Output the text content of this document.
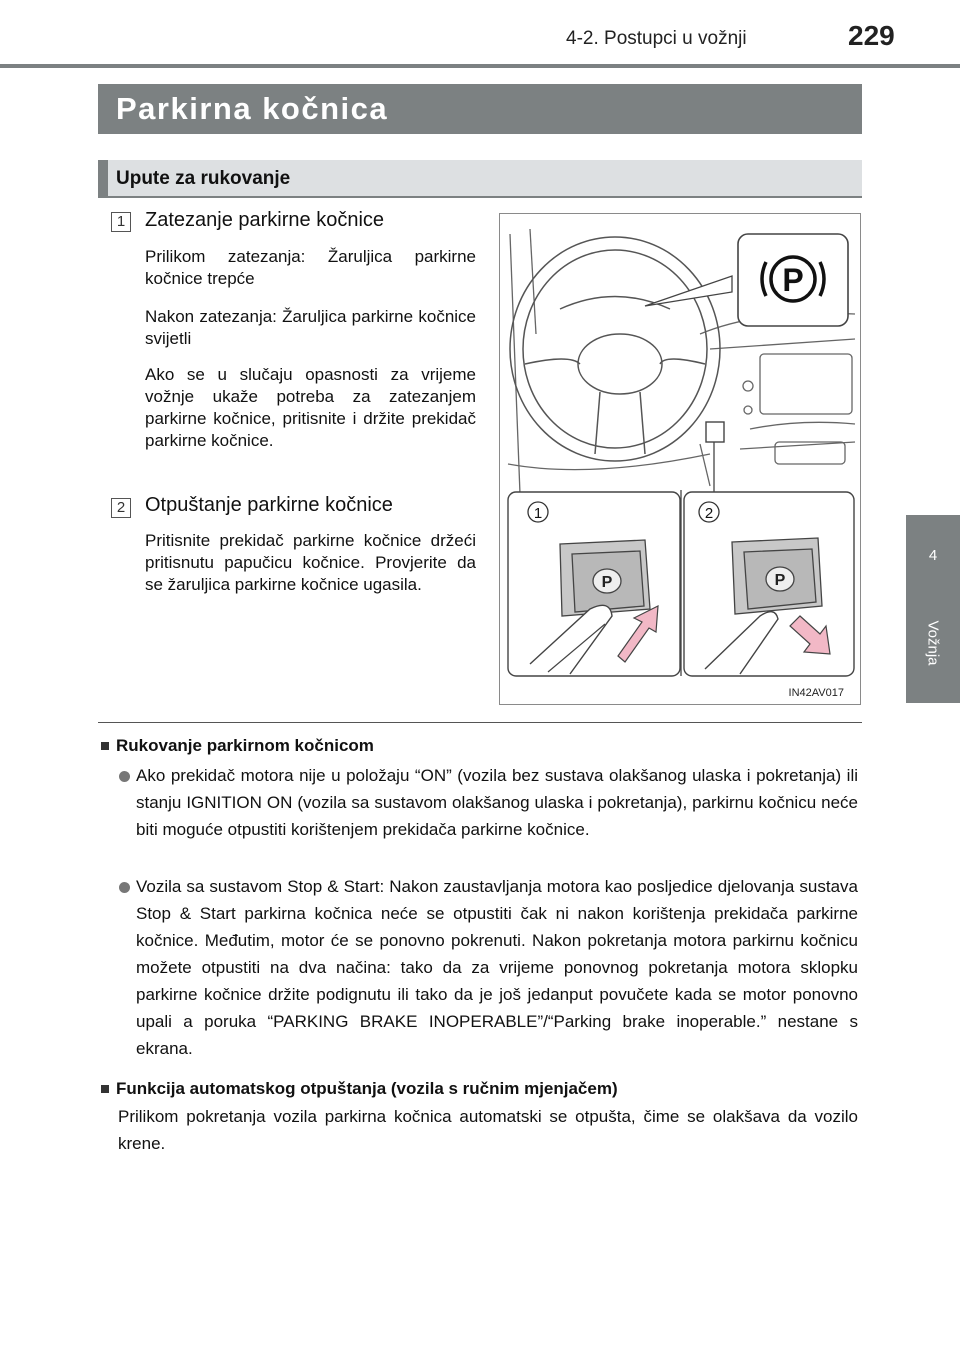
4-2. Postupci u vožnji	229
4
Vožnja
Parkirna kočnica
Upute za rukovanje
1 Zatezanje parkirne kočnice
Prilikom zatezanja: Žaruljica parkirne kočnice trepće
Nakon zatezanja: Žaruljica parkirne kočnice svijetli
Ako se u slučaju opasnosti za vrijeme vožnje ukaže potreba za zatezanjem parkirne kočnice, pritisnite i držite prekidač parkirne kočnice.
2 Otpuštanje parkirne kočnice
Pritisnite prekidač parkirne kočnice držeći pritisnutu papučicu kočnice. Provjerite da se žaruljica parkirne kočnice ugasila.
P
1	2
P	P
IN42AV017
Rukovanje parkirnom kočnicom
Ako prekidač motora nije u položaju “ON” (vozila bez sustava olakšanog ulaska i pokretanja) ili stanju IGNITION ON (vozila sa sustavom olakšanog ulaska i pokretanja), parkirnu kočnicu neće biti moguće otpustiti korištenjem prekidača parkirne kočnice.
Vozila sa sustavom Stop & Start: Nakon zaustavljanja motora kao posljedice djelovanja sustava Stop & Start parkirna kočnica neće se otpustiti čak ni nakon korištenja prekidača parkirne kočnice. Međutim, motor će se ponovno pokrenuti. Nakon pokretanja motora parkirnu kočnicu možete otpustiti na dva načina: tako da za vrijeme ponovnog pokretanja motora sklopku parkirne kočnice držite podignutu ili tako da je još jedanput povučete kada se motor ponovno upali a poruka “PARKING BRAKE INOPERABLE”/“Parking brake inoperable.” nestane s ekrana.
Funkcija automatskog otpuštanja (vozila s ručnim mjenjačem)
Prilikom pokretanja vozila parkirna kočnica automatski se otpušta, čime se olakšava da vozilo krene.
